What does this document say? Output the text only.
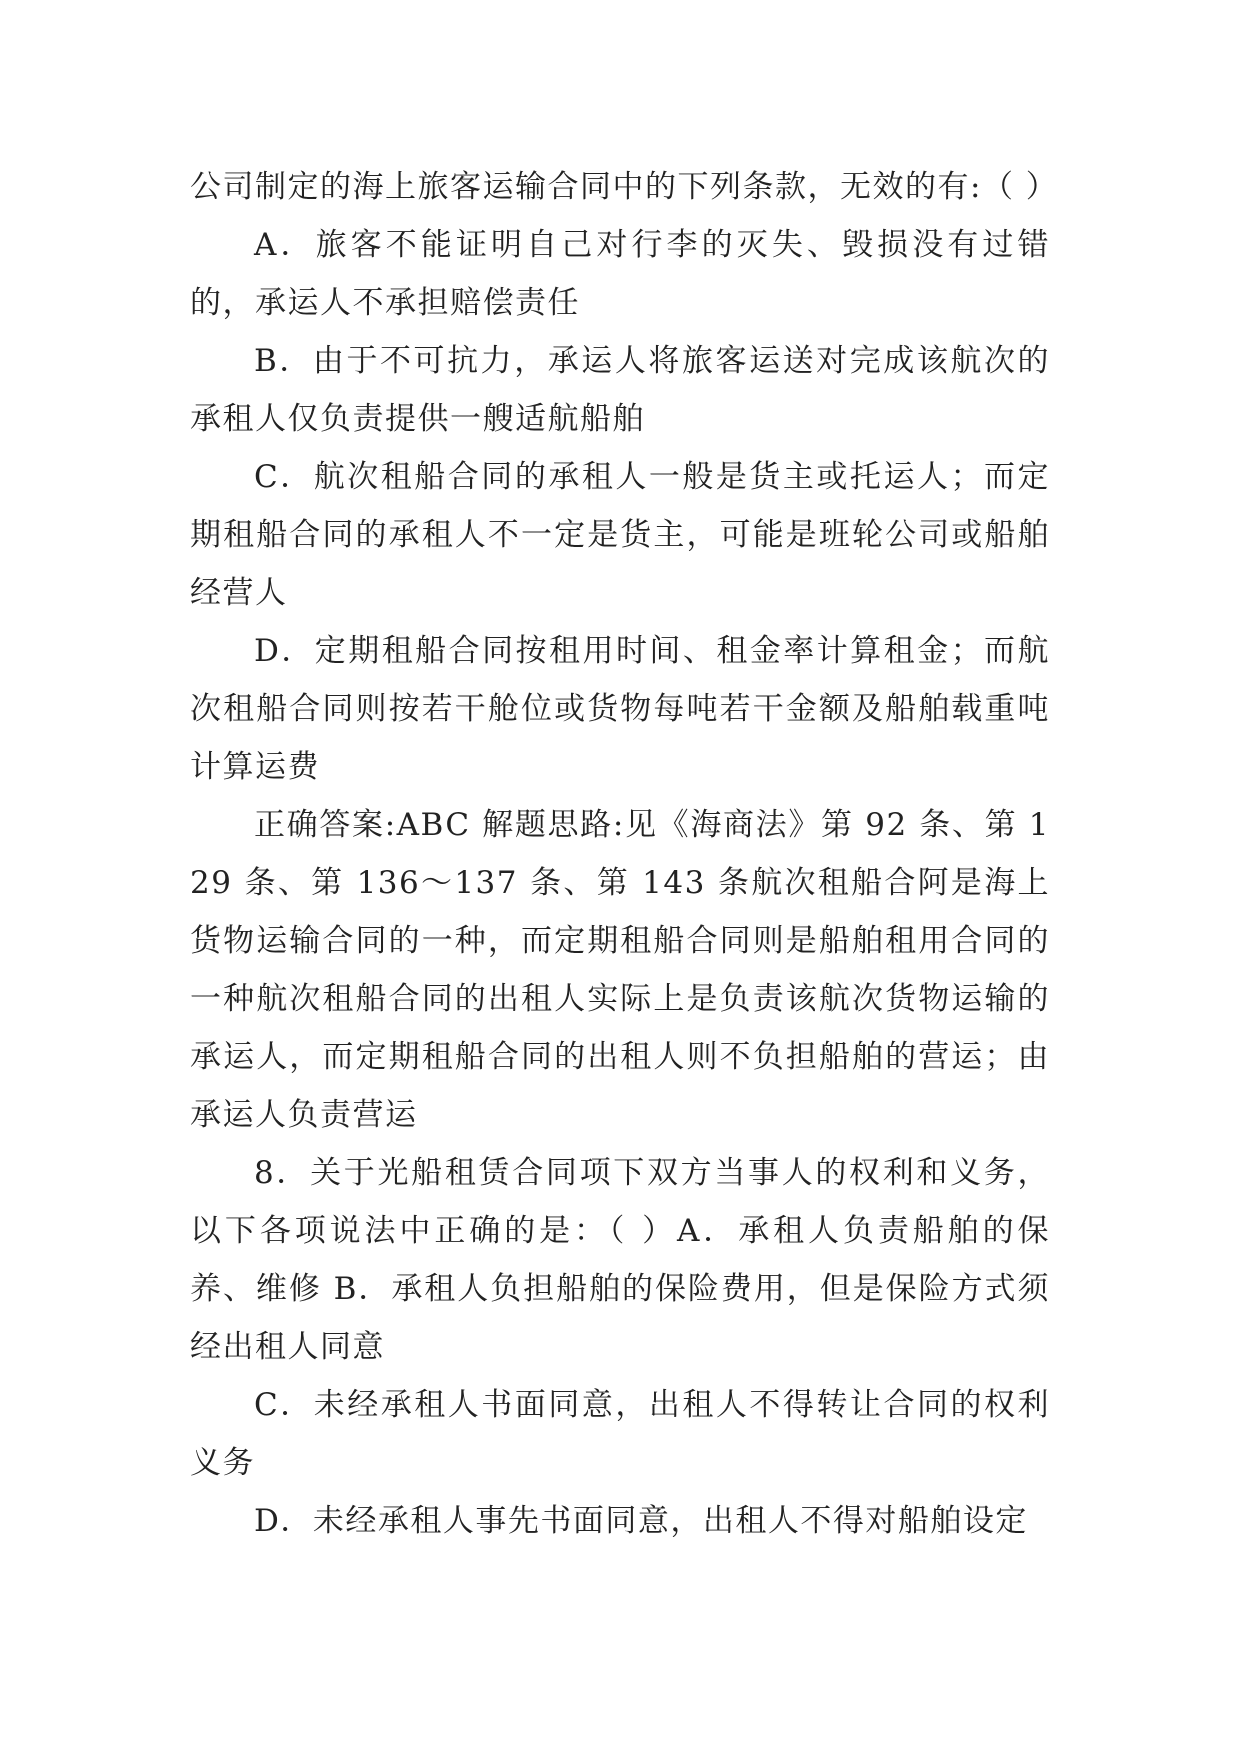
公司制定的海上旅客运输合同中的下列条款，无效的有:（ ）

A．旅客不能证明自己对行李的灭失、毁损没有过错的，承运人不承担赔偿责任

B．由于不可抗力，承运人将旅客运送对完成该航次的承租人仅负责提供一艘适航船舶

C．航次租船合同的承租人一般是货主或托运人；而定期租船合同的承租人不一定是货主，可能是班轮公司或船舶经营人

D．定期租船合同按租用时间、租金率计算租金；而航次租船合同则按若干舱位或货物每吨若干金额及船舶载重吨计算运费

正确答案:ABC 解题思路:见《海商法》第 92 条、第 129 条、第 136～137 条、第 143 条航次租船合阿是海上货物运输合同的一种，而定期租船合同则是船舶租用合同的一种航次租船合同的出租人实际上是负责该航次货物运输的承运人，而定期租船合同的出租人则不负担船舶的营运；由承运人负责营运

8．关于光船租赁合同项下双方当事人的权利和义务，以下各项说法中正确的是：（ ）A．承租人负责船舶的保养、维修 B．承租人负担船舶的保险费用，但是保险方式须经出租人同意

C．未经承租人书面同意，出租人不得转让合同的权利义务

D．未经承租人事先书面同意，出租人不得对船舶设定
